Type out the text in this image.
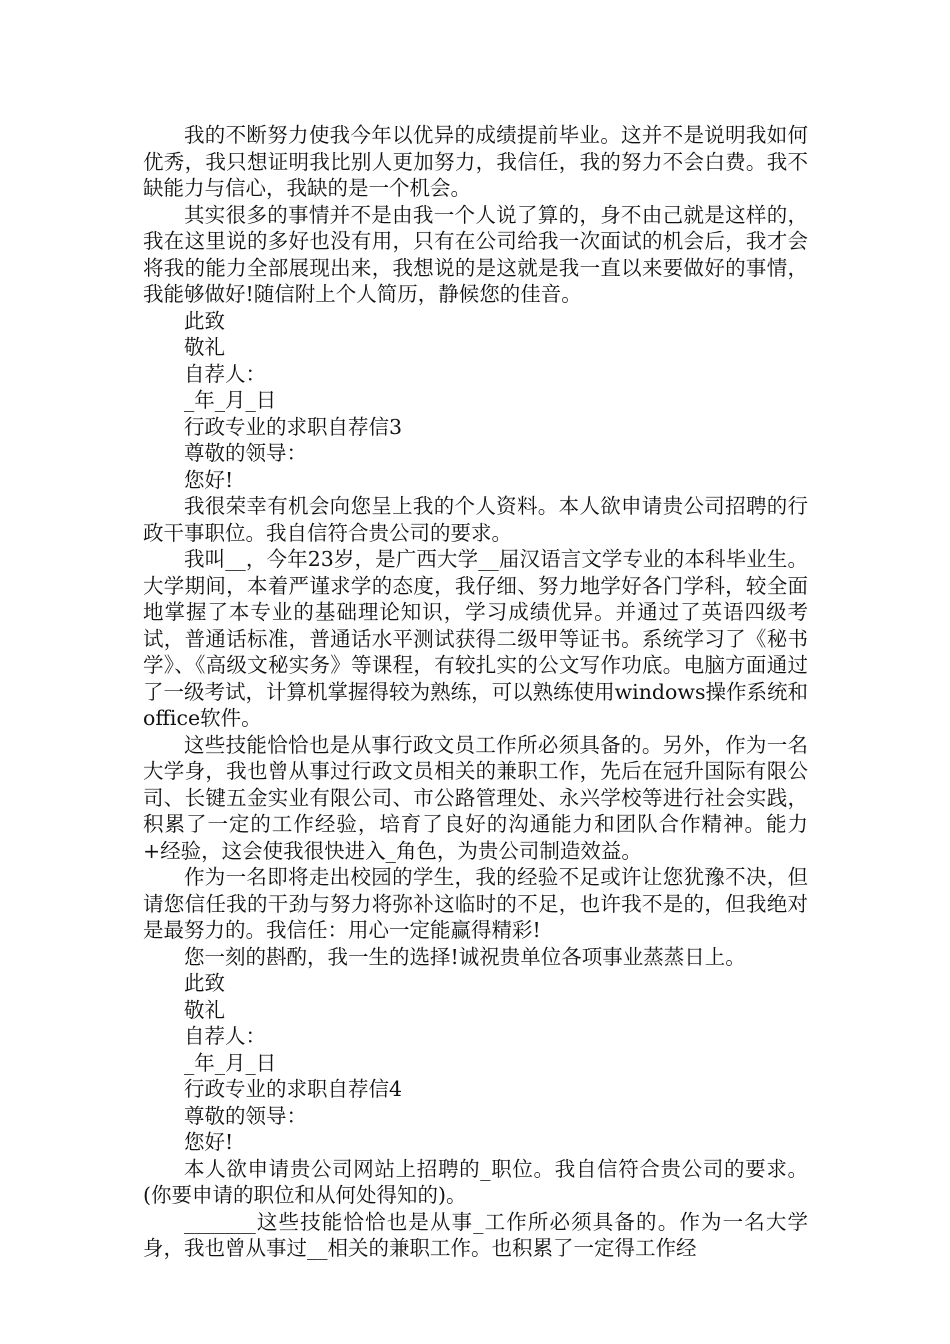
我的不断努力使我今年以优异的成绩提前毕业。这并不是说明我如何优秀，我只想证明我比别人更加努力，我信任，我的努力不会白费。我不缺能力与信心，我缺的是一个机会。

其实很多的事情并不是由我一个人说了算的，身不由己就是这样的，我在这里说的多好也没有用，只有在公司给我一次面试的机会后，我才会将我的能力全部展现出来，我想说的是这就是我一直以来要做好的事情，我能够做好!随信附上个人简历，静候您的佳音。

此致

敬礼

自荐人：

_年_月_日

行政专业的求职自荐信3

尊敬的领导：

您好!

我很荣幸有机会向您呈上我的个人资料。本人欲申请贵公司招聘的行政干事职位。我自信符合贵公司的要求。

我叫__，今年23岁，是广西大学__届汉语言文学专业的本科毕业生。大学期间，本着严谨求学的态度，我仔细、努力地学好各门学科，较全面地掌握了本专业的基础理论知识，学习成绩优异。并通过了英语四级考试，普通话标准，普通话水平测试获得二级甲等证书。系统学习了《秘书学》、《高级文秘实务》等课程，有较扎实的公文写作功底。电脑方面通过了一级考试，计算机掌握得较为熟练，可以熟练使用windows操作系统和office软件。

这些技能恰恰也是从事行政文员工作所必须具备的。另外，作为一名大学身，我也曾从事过行政文员相关的兼职工作，先后在冠升国际有限公司、长键五金实业有限公司、市公路管理处、永兴学校等进行社会实践，积累了一定的工作经验，培育了良好的沟通能力和团队合作精神。能力+经验，这会使我很快进入_角色，为贵公司制造效益。

作为一名即将走出校园的学生，我的经验不足或许让您犹豫不决，但请您信任我的干劲与努力将弥补这临时的不足，也许我不是的，但我绝对是最努力的。我信任：用心一定能赢得精彩!

您一刻的斟酌，我一生的选择!诚祝贵单位各项事业蒸蒸日上。

此致

敬礼

自荐人：

_年_月_日

行政专业的求职自荐信4

尊敬的领导：

您好!

本人欲申请贵公司网站上招聘的_职位。我自信符合贵公司的要求。(你要申请的职位和从何处得知的)。

_______这些技能恰恰也是从事_工作所必须具备的。作为一名大学身，我也曾从事过__相关的兼职工作。也积累了一定得工作经
